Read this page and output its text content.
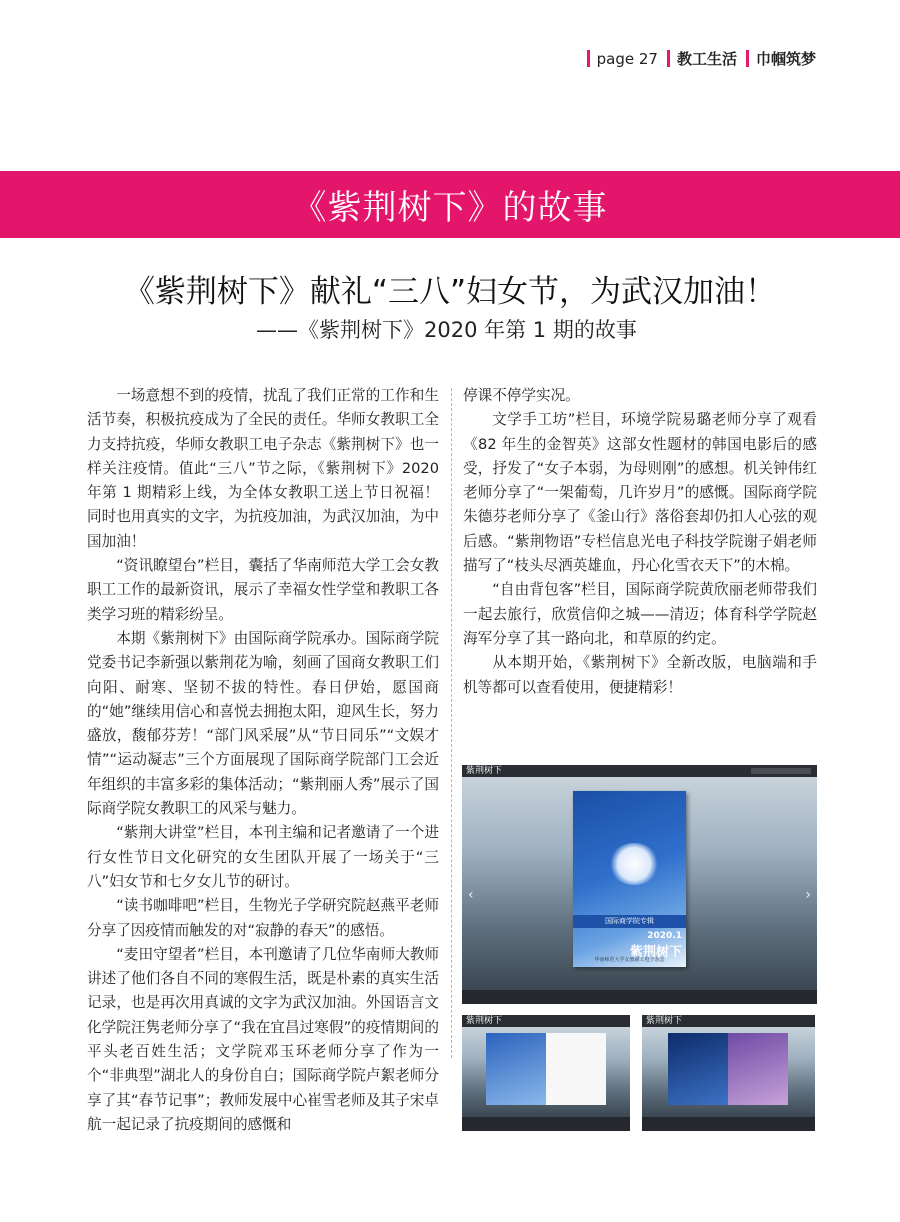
page 27 教工生活 巾帼筑梦
《紫荆树下》的故事
《紫荆树下》献礼“三八”妇女节，为武汉加油！
——《紫荆树下》2020 年第 1 期的故事

一场意想不到的疫情，扰乱了我们正常的工作和生活节奏，积极抗疫成为了全民的责任。华师女教职工全力支持抗疫，华师女教职工电子杂志《紫荆树下》也一样关注疫情。值此“三八”节之际，《紫荆树下》2020 年第 1 期精彩上线，为全体女教职工送上节日祝福！同时也用真实的文字，为抗疫加油，为武汉加油，为中国加油！

“资讯瞭望台”栏目，囊括了华南师范大学工会女教职工工作的最新资讯，展示了幸福女性学堂和教职工各类学习班的精彩纷呈。

本期《紫荆树下》由国际商学院承办。国际商学院党委书记李新强以紫荆花为喻，刻画了国商女教职工们向阳、耐寒、坚韧不拔的特性。春日伊始，愿国商的“她”继续用信心和喜悦去拥抱太阳，迎风生长，努力盛放，馥郁芬芳！“部门风采展”从“节日同乐”“文娱才情”“运动凝志”三个方面展现了国际商学院部门工会近年组织的丰富多彩的集体活动；“紫荆丽人秀”展示了国际商学院女教职工的风采与魅力。

“紫荆大讲堂”栏目，本刊主编和记者邀请了一个进行女性节日文化研究的女生团队开展了一场关于“三八”妇女节和七夕女儿节的研讨。

“读书咖啡吧”栏目，生物光子学研究院赵燕平老师分享了因疫情而触发的对“寂静的春天”的感悟。

“麦田守望者”栏目，本刊邀请了几位华南师大教师讲述了他们各自不同的寒假生活，既是朴素的真实生活记录，也是再次用真诚的文字为武汉加油。外国语言文化学院汪隽老师分享了“我在宜昌过寒假”的疫情期间的平头老百姓生活；文学院邓玉环老师分享了作为一个“非典型”湖北人的身份自白；国际商学院卢絮老师分享了其“春节记事”；教师发展中心崔雪老师及其子宋卓航一起记录了抗疫期间的感慨和

停课不停学实况。

文学手工坊”栏目，环境学院易璐老师分享了观看《82 年生的金智英》这部女性题材的韩国电影后的感受，抒发了“女子本弱，为母则刚”的感想。机关钟伟红老师分享了“一架葡萄，几许岁月”的感慨。国际商学院朱德芬老师分享了《釜山行》落俗套却仍扣人心弦的观后感。“紫荆物语”专栏信息光电子科技学院谢子娟老师描写了“枝头尽洒英雄血，丹心化雪衣天下”的木棉。

“自由背包客”栏目，国际商学院黄欣丽老师带我们一起去旅行，欣赏信仰之城——清迈；体育科学学院赵海军分享了其一路向北，和草原的约定。

从本期开始，《紫荆树下》全新改版，电脑端和手机等都可以查看使用，便捷精彩！

紫荆树下
‹	›
国际商学院专辑
2020.1
紫荆树下
华南师范大学女教职工电子杂志
紫荆树下	紫荆树下
